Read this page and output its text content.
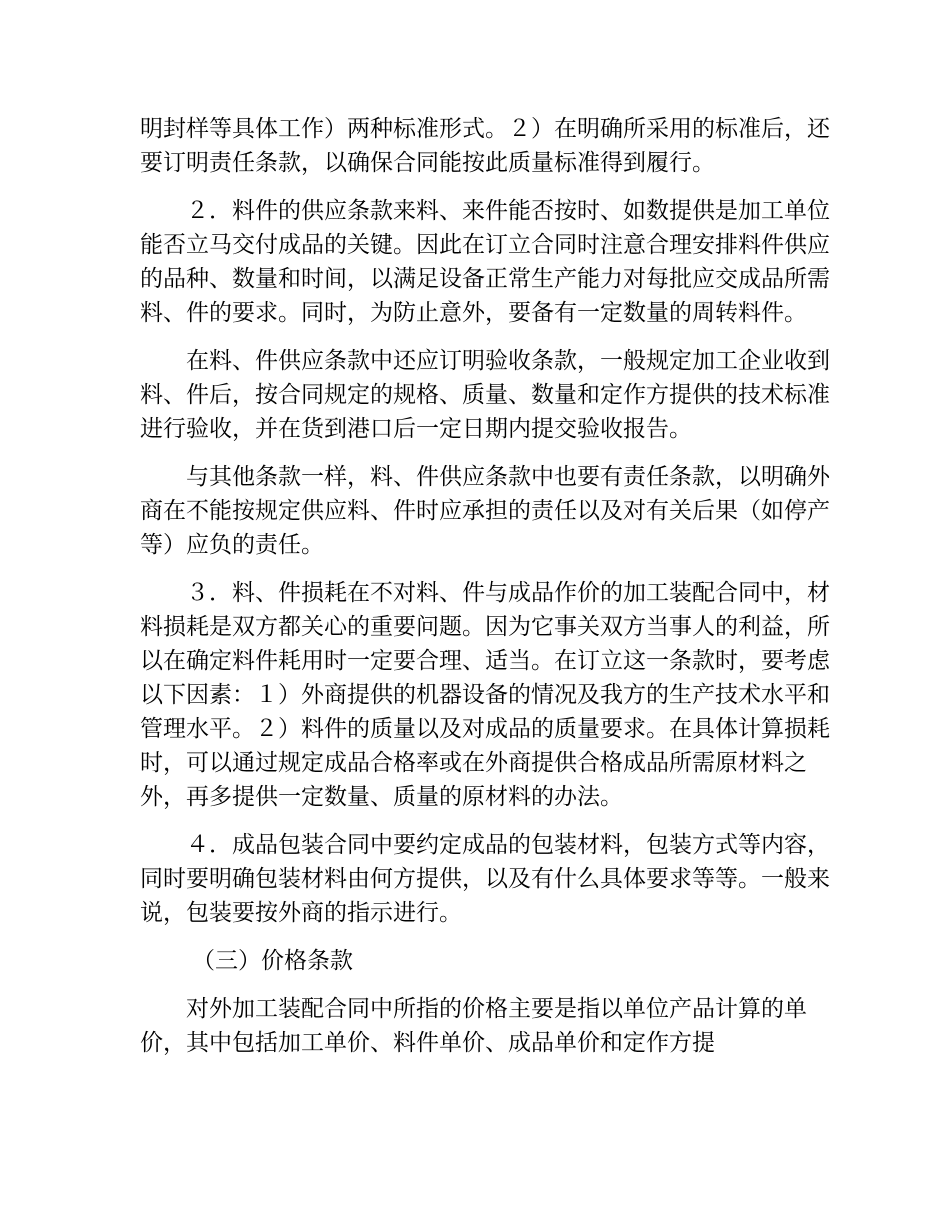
明封样等具体工作）两种标准形式。２）在明确所采用的标准后，还要订明责任条款，以确保合同能按此质量标准得到履行。

２．料件的供应条款来料、来件能否按时、如数提供是加工单位能否立马交付成品的关键。因此在订立合同时注意合理安排料件供应的品种、数量和时间，以满足设备正常生产能力对每批应交成品所需料、件的要求。同时，为防止意外，要备有一定数量的周转料件。

在料、件供应条款中还应订明验收条款，一般规定加工企业收到料、件后，按合同规定的规格、质量、数量和定作方提供的技术标准进行验收，并在货到港口后一定日期内提交验收报告。

与其他条款一样，料、件供应条款中也要有责任条款，以明确外商在不能按规定供应料、件时应承担的责任以及对有关后果（如停产等）应负的责任。

３．料、件损耗在不对料、件与成品作价的加工装配合同中，材料损耗是双方都关心的重要问题。因为它事关双方当事人的利益，所以在确定料件耗用时一定要合理、适当。在订立这一条款时，要考虑以下因素：１）外商提供的机器设备的情况及我方的生产技术水平和管理水平。２）料件的质量以及对成品的质量要求。在具体计算损耗时，可以通过规定成品合格率或在外商提供合格成品所需原材料之外，再多提供一定数量、质量的原材料的办法。

４．成品包装合同中要约定成品的包装材料，包装方式等内容，同时要明确包装材料由何方提供，以及有什么具体要求等等。一般来说，包装要按外商的指示进行。

（三）价格条款

对外加工装配合同中所指的价格主要是指以单位产品计算的单价，其中包括加工单价、料件单价、成品单价和定作方提
